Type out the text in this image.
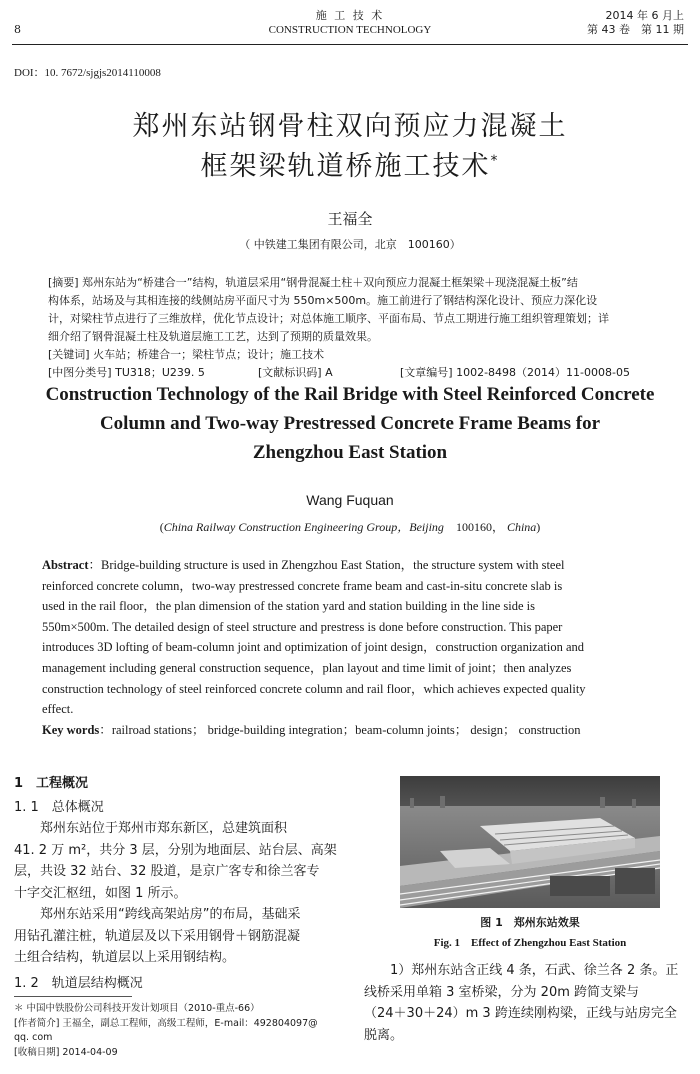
8
施 工 技 术
CONSTRUCTION TECHNOLOGY
2014 年 6 月上
第 43 卷　第 11 期
DOI：10. 7672/sjgjs2014110008
郑州东站钢骨柱双向预应力混凝土
框架梁轨道桥施工技术*
王福全
（ 中铁建工集团有限公司，北京　100160）
[摘要] 郑州东站为“桥建合一”结构，轨道层采用“钢骨混凝土柱＋双向预应力混凝土框架梁＋现浇混凝土板”结
构体系，站场及与其相连接的线侧站房平面尺寸为 550m×500m。施工前进行了钢结构深化设计、预应力深化设
计，对梁柱节点进行了三维放样，优化节点设计；对总体施工顺序、平面布局、节点工期进行施工组织管理策划；详
细介绍了钢骨混凝土柱及轨道层施工工艺，达到了预期的质量效果。
[关键词] 火车站；桥建合一；梁柱节点；设计；施工技术
[中图分类号] TU318；U239. 5	[文献标识码] A	[文章编号] 1002-8498（2014）11-0008-05
Construction Technology of the Rail Bridge with Steel Reinforced Concrete
Column and Two-way Prestressed Concrete Frame Beams for
Zhengzhou East Station
Wang Fuquan
(China Railway Construction Engineering Group，Beijing　 100160， China)
Abstract：Bridge-building structure is used in Zhengzhou East Station，the structure system with steel
reinforced concrete column，two-way prestressed concrete frame beam and cast-in-situ concrete slab is
used in the rail floor，the plan dimension of the station yard and station building in the line side is
550m×500m. The detailed design of steel structure and prestress is done before construction. This paper
introduces 3D lofting of beam-column joint and optimization of joint design，construction organization and
management including general construction sequence，plan layout and time limit of joint；then analyzes
construction technology of steel reinforced concrete column and rail floor，which achieves expected quality
effect.
Key words：railroad stations； bridge-building integration；beam-column joints； design； construction
1　工程概况
1. 1　总体概况
郑州东站位于郑州市郑东新区，总建筑面积
41. 2 万 m²，共分 3 层，分别为地面层、站台层、高架
层，共设 32 站台、32 股道，是京广客专和徐兰客专
十字交汇枢纽，如图 1 所示。
郑州东站采用“跨线高架站房”的布局，基础采
用钻孔灌注桩，轨道层及以下采用钢骨＋钢筋混凝
土组合结构，轨道层以上采用钢结构。
1. 2　轨道层结构概况
＊ 中国中铁股份公司科技开发计划项目（2010-重点-66）
[作者简介] 王福全，副总工程师，高级工程师，E-mail：492804097@
qq. com
[收稿日期] 2014-04-09
图 1　郑州东站效果
Fig. 1　Effect of Zhengzhou East Station
1）郑州东站含正线 4 条，石武、徐兰各 2 条。正
线桥采用单箱 3 室桥梁，分为 20m 跨简支梁与
（24＋30＋24）m 3 跨连续刚构梁，正线与站房完全
脱离。
